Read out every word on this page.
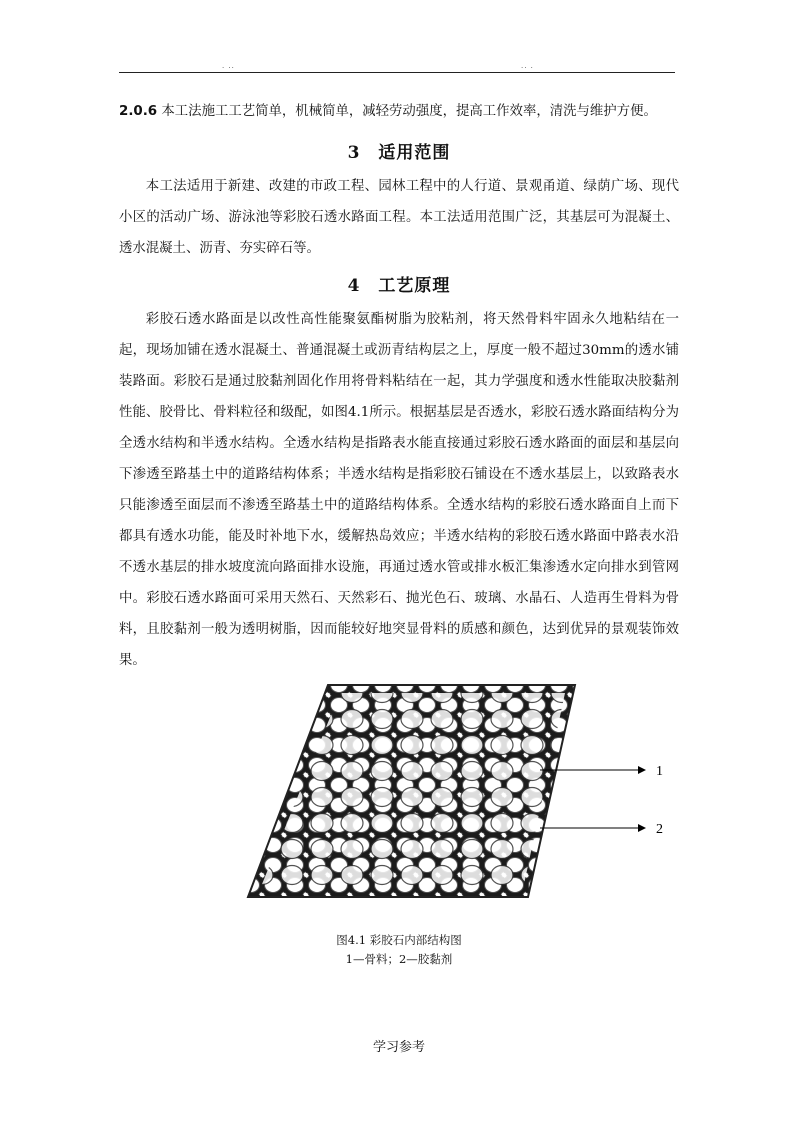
. ..	.. .

2.0.6 本工法施工工艺简单，机械简单，减轻劳动强度，提高工作效率，清洗与维护方便。

3　适用范围

本工法适用于新建、改建的市政工程、园林工程中的人行道、景观甬道、绿荫广场、现代小区的活动广场、游泳池等彩胶石透水路面工程。本工法适用范围广泛，其基层可为混凝土、透水混凝土、沥青、夯实碎石等。

4　工艺原理

彩胶石透水路面是以改性高性能聚氨酯树脂为胶粘剂，将天然骨料牢固永久地粘结在一起，现场加铺在透水混凝土、普通混凝土或沥青结构层之上，厚度一般不超过30mm的透水铺装路面。彩胶石是通过胶黏剂固化作用将骨料粘结在一起，其力学强度和透水性能取决胶黏剂性能、胶骨比、骨料粒径和级配，如图4.1所示。根据基层是否透水，彩胶石透水路面结构分为全透水结构和半透水结构。全透水结构是指路表水能直接通过彩胶石透水路面的面层和基层向下渗透至路基土中的道路结构体系；半透水结构是指彩胶石铺设在不透水基层上，以致路表水只能渗透至面层而不渗透至路基土中的道路结构体系。全透水结构的彩胶石透水路面自上而下都具有透水功能，能及时补地下水，缓解热岛效应；半透水结构的彩胶石透水路面中路表水沿不透水基层的排水坡度流向路面排水设施，再通过透水管或排水板汇集渗透水定向排水到管网中。彩胶石透水路面可采用天然石、天然彩石、抛光色石、玻璃、水晶石、人造再生骨料为骨料，且胶黏剂一般为透明树脂，因而能较好地突显骨料的质感和颜色，达到优异的景观装饰效果。

1
2

图4.1 彩胶石内部结构图

1—骨料；2—胶黏剂

学习参考
